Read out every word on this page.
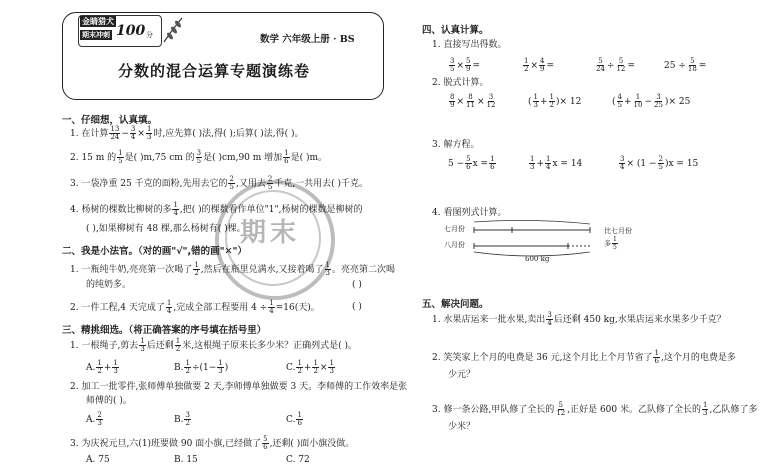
金睛猎犬
期末冲刺 100 分	数学 六年级上册 · BS
分数的混合运算专题演练卷
期末
一、仔细想，认真填。
1. 在计算 $\frac{13}{24} - \frac{3}{4} \times \frac{1}{3}$ 时,应先算( )法,得( );后算( )法,得( )。
2. 15 m 的 $\frac{1}{5}$ 是( )m,75 cm 的 $\frac{3}{5}$ 是( )cm,90 m 增加 $\frac{1}{6}$ 是( )m。
3. 一袋净重 25 千克的面粉,先用去它的 $\frac{2}{5}$ ,又用去 $\frac{2}{5}$ 千克,一共用去( )千克。
4. 杨树的棵数比柳树的多 $\frac{1}{4}$ ,把( )的棵数看作单位"1",杨树的棵数是柳树的
( ),如果柳树有 48 棵,那么杨树有( )棵。
二、我是小法官。（对的画"√",错的画"✕"）
1. 一瓶纯牛奶,亮亮第一次喝了 $\frac{1}{2}$ ,然后在瓶里兑满水,又接着喝了 $\frac{1}{3}$ 。亮亮第二次喝
的纯奶多。	( )
2. 一件工程,4 天完成了 $\frac{1}{4}$ ,完成全部工程要用 $4 \div \frac{1}{4} =16$(天)。	( )
三、精挑细选。（将正确答案的序号填在括号里）
1. 一根绳子,剪去 $\frac{1}{3}$ 后还剩 $\frac{1}{2}$ 米,这根绳子原来长多少米？正确列式是( )。
A. $\frac{1}{2} + \frac{1}{3}$	B. $\frac{1}{2} \div(1- \frac{1}{3}$ )	C. $\frac{1}{2} + \frac{1}{2} \times \frac{1}{3}$
2. 加工一批零件,张师傅单独做要 2 天,李师傅单独做要 3 天。李师傅的工作效率是张
师傅的( )。
A. $\frac{2}{3}$	B. $\frac{3}{2}$	C. $\frac{1}{6}$
3. 为庆祝元旦,六(1)班要做 90 面小旗,已经做了 $\frac{5}{6}$ ,还剩( )面小旗没做。
A. 75	B. 15	C. 72
四、认真计算。
1. 直接写出得数。
$\frac{3}{5} \times \frac{5}{9}$ =	$\frac{1}{2} \times \frac{4}{9}$ =	$\frac{5}{24} \div \frac{5}{12}$ =	$25 \div \frac{5}{18}$ =
2. 脱式计算。
$\frac{8}{9} \times \frac{8}{11} \times \frac{3}{12}$	( $\frac{1}{3} + \frac{1}{2}$ )× 12	( $\frac{4}{5} + \frac{1}{10} - \frac{3}{25}$ )× 25
3. 解方程。
$5 - \frac{5}{6}$ $x = \frac{1}{6}$	$\frac{1}{3} + \frac{1}{4}$ x = 14	$\frac{3}{4} \times (1 - \frac{2}{5} )x = 15$
4. 看图列式计算。
七月份
八月份
600 kg
比七月份
多 $\frac{1}{5}$
五、解决问题。
1. 水果店运来一批水果,卖出 $\frac{3}{4}$ 后还剩 450 kg,水果店运来水果多少千克？
2. 笑笑家上个月的电费是 36 元,这个月比上个月节省了 $\frac{1}{6}$ ,这个月的电费是多
少元？
3. 修一条公路,甲队修了全长的 $\frac{5}{12}$ ,正好是 600 米。乙队修了全长的 $\frac{1}{3}$ ,乙队修了多
少米？
